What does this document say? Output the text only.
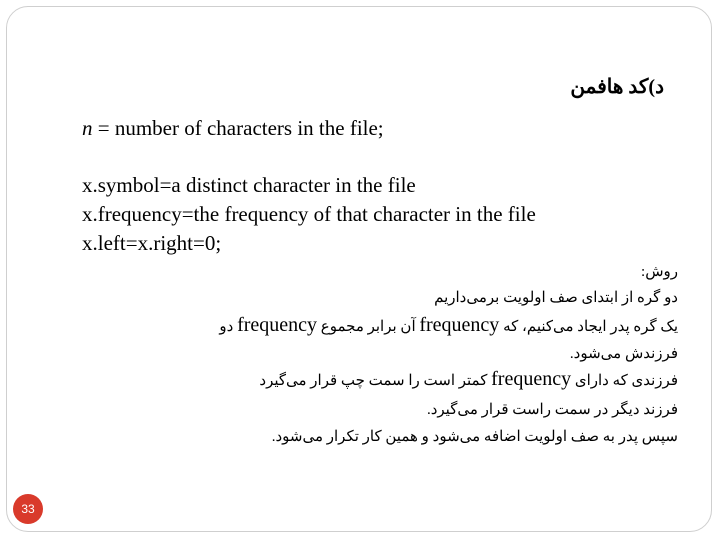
د)کد هافمن
n = number of characters in the file;
x.symbol=a distinct character in the file
x.frequency=the frequency of that character in the file
x.left=x.right=0;
روش:
دو گره از ابتدای صف اولویت برمی‌داریم
یک گره پدر ایجاد می‌کنیم، که frequency آن برابر مجموع frequency دو
فرزندش می‌شود.
فرزندی که دارای frequency کمتر است را سمت چپ قرار می‌گیرد
فرزند دیگر در سمت راست قرار می‌گیرد.
سپس پدر به صف اولویت اضافه می‌شود و همین کار تکرار می‌شود.
33
